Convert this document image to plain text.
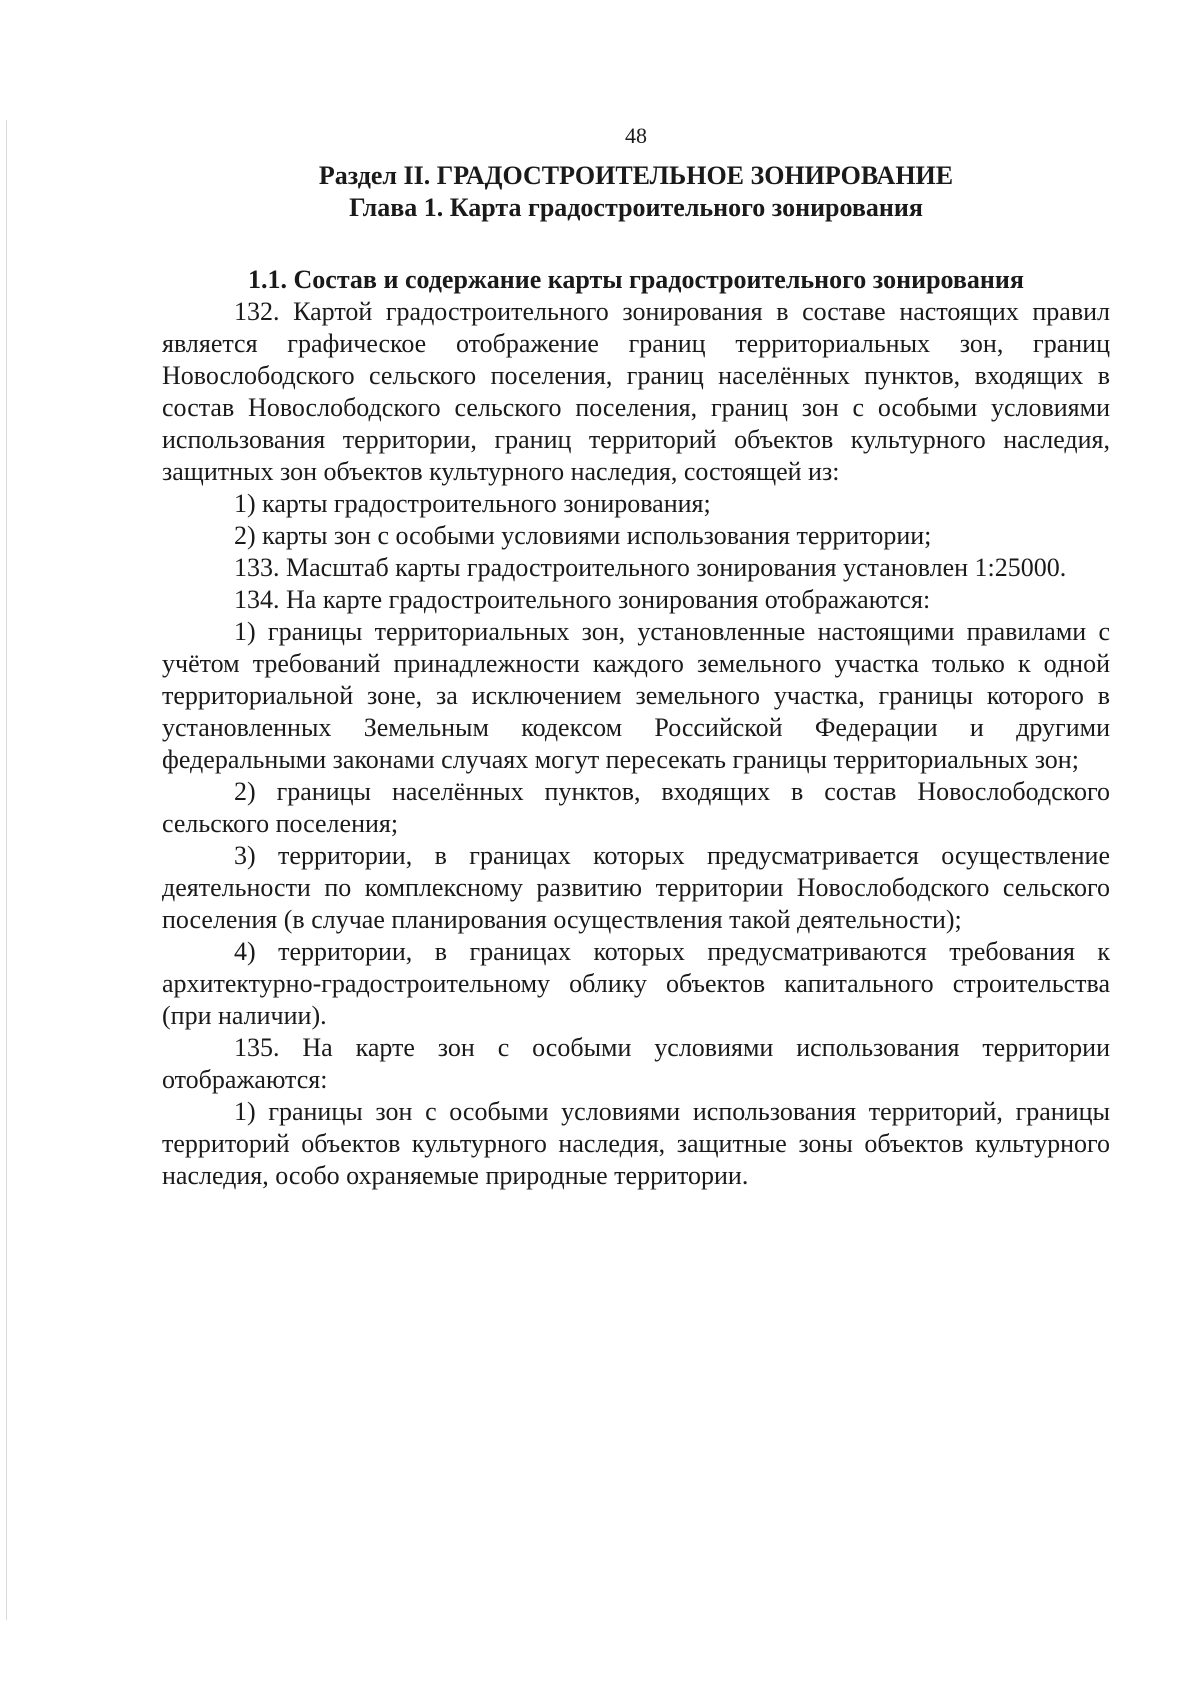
48
Раздел II. ГРАДОСТРОИТЕЛЬНОЕ ЗОНИРОВАНИЕ
Глава 1. Карта градостроительного зонирования
1.1. Состав и содержание карты градостроительного зонирования

132. Картой градостроительного зонирования в составе настоящих правил является графическое отображение границ территориальных зон, границ Новослободского сельского поселения, границ населённых пунктов, входящих в состав Новослободского сельского поселения, границ зон с особыми условиями использования территории, границ территорий объектов культурного наследия, защитных зон объектов культурного наследия, состоящей из:

1) карты градостроительного зонирования;

2) карты зон с особыми условиями использования территории;

133. Масштаб карты градостроительного зонирования установлен 1:25000.

134. На карте градостроительного зонирования отображаются:

1) границы территориальных зон, установленные настоящими правилами с учётом требований принадлежности каждого земельного участка только к одной территориальной зоне, за исключением земельного участка, границы которого в установленных Земельным кодексом Российской Федерации и другими федеральными законами случаях могут пересекать границы территориальных зон;

2) границы населённых пунктов, входящих в состав Новослободского сельского поселения;

3) территории, в границах которых предусматривается осуществление деятельности по комплексному развитию территории Новослободского сельского поселения (в случае планирования осуществления такой деятельности);

4) территории, в границах которых предусматриваются требования к архитектурно-градостроительному облику объектов капитального строительства (при наличии).

135. На карте зон с особыми условиями использования территории отображаются:

1) границы зон с особыми условиями использования территорий, границы территорий объектов культурного наследия, защитные зоны объектов культурного наследия, особо охраняемые природные территории.
